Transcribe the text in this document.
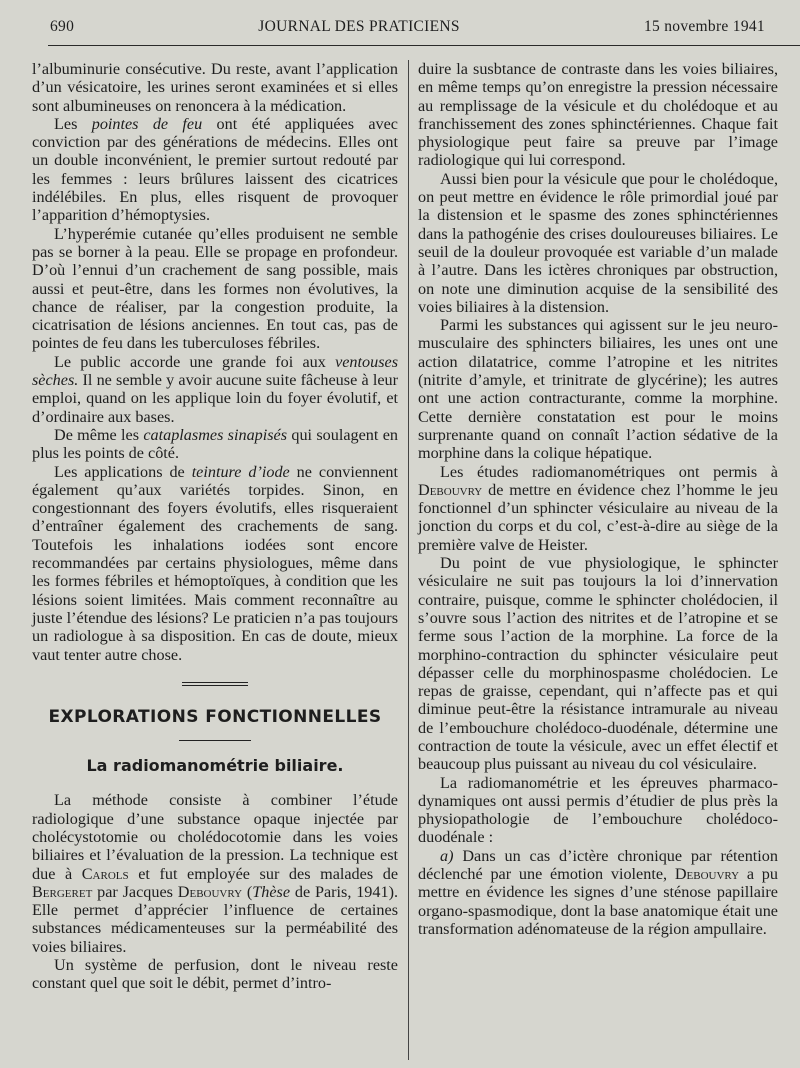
690	JOURNAL DES PRATICIENS	15 novembre 1941

l’albuminurie consécutive. Du reste, avant l’application d’un vésicatoire, les urines seront examinées et si elles sont albumineuses on renoncera à la médication.

Les pointes de feu ont été appliquées avec conviction par des générations de médecins. Elles ont un double inconvénient, le premier surtout redouté par les femmes : leurs brûlures laissent des cicatrices indélébiles. En plus, elles risquent de provoquer l’apparition d’hémoptysies.

L’hyperémie cutanée qu’elles produisent ne semble pas se borner à la peau. Elle se propage en profondeur. D’où l’ennui d’un crachement de sang possible, mais aussi et peut-être, dans les formes non évolutives, la chance de réaliser, par la congestion produite, la cicatrisation de lésions anciennes. En tout cas, pas de pointes de feu dans les tuberculoses fébriles.

Le public accorde une grande foi aux ventouses sèches. Il ne semble y avoir aucune suite fâcheuse à leur emploi, quand on les applique loin du foyer évolutif, et d’ordinaire aux bases.

De même les cataplasmes sinapisés qui soulagent en plus les points de côté.

Les applications de teinture d’iode ne conviennent également qu’aux variétés torpides. Sinon, en congestionnant des foyers évolutifs, elles risqueraient d’entraîner également des crachements de sang. Toutefois les inhalations iodées sont encore recommandées par certains physiologues, même dans les formes fébriles et hémoptoïques, à condition que les lésions soient limitées. Mais comment reconnaître au juste l’étendue des lésions? Le praticien n’a pas toujours un radiologue à sa disposition. En cas de doute, mieux vaut tenter autre chose.

EXPLORATIONS FONCTIONNELLES
La radiomanométrie biliaire.

La méthode consiste à combiner l’étude radiologique d’une substance opaque injectée par cholécystotomie ou cholédocotomie dans les voies biliaires et l’évaluation de la pression. La technique est due à Carols et fut employée sur des malades de Bergeret par Jacques Debouvry (Thèse de Paris, 1941). Elle permet d’apprécier l’influence de certaines substances médicamenteuses sur la perméabilité des voies biliaires.

Un système de perfusion, dont le niveau reste constant quel que soit le débit, permet d’intro-

duire la susbtance de contraste dans les voies biliaires, en même temps qu’on enregistre la pression nécessaire au remplissage de la vésicule et du cholédoque et au franchissement des zones sphinctériennes. Chaque fait physiologique peut faire sa preuve par l’image radiologique qui lui correspond.

Aussi bien pour la vésicule que pour le cholédoque, on peut mettre en évidence le rôle primordial joué par la distension et le spasme des zones sphinctériennes dans la pathogénie des crises douloureuses biliaires. Le seuil de la douleur provoquée est variable d’un malade à l’autre. Dans les ictères chroniques par obstruction, on note une diminution acquise de la sensibilité des voies biliaires à la distension.

Parmi les substances qui agissent sur le jeu neuro-musculaire des sphincters biliaires, les unes ont une action dilatatrice, comme l’atropine et les nitrites (nitrite d’amyle, et trinitrate de glycérine); les autres ont une action contracturante, comme la morphine. Cette dernière constatation est pour le moins surprenante quand on connaît l’action sédative de la morphine dans la colique hépatique.

Les études radiomanométriques ont permis à Debouvry de mettre en évidence chez l’homme le jeu fonctionnel d’un sphincter vésiculaire au niveau de la jonction du corps et du col, c’est-à-dire au siège de la première valve de Heister.

Du point de vue physiologique, le sphincter vésiculaire ne suit pas toujours la loi d’innervation contraire, puisque, comme le sphincter cholédocien, il s’ouvre sous l’action des nitrites et de l’atropine et se ferme sous l’action de la morphine. La force de la morphino-contraction du sphincter vésiculaire peut dépasser celle du morphinospasme cholédocien. Le repas de graisse, cependant, qui n’affecte pas et qui diminue peut-être la résistance intramurale au niveau de l’embouchure cholédoco-duodénale, détermine une contraction de toute la vésicule, avec un effet électif et beaucoup plus puissant au niveau du col vésiculaire.

La radiomanométrie et les épreuves pharmaco-dynamiques ont aussi permis d’étudier de plus près la physiopathologie de l’embouchure cholédoco-duodénale :

a) Dans un cas d’ictère chronique par rétention déclenché par une émotion violente, Debouvry a pu mettre en évidence les signes d’une sténose papillaire organo-spasmodique, dont la base anatomique était une transformation adénomateuse de la région ampullaire.
